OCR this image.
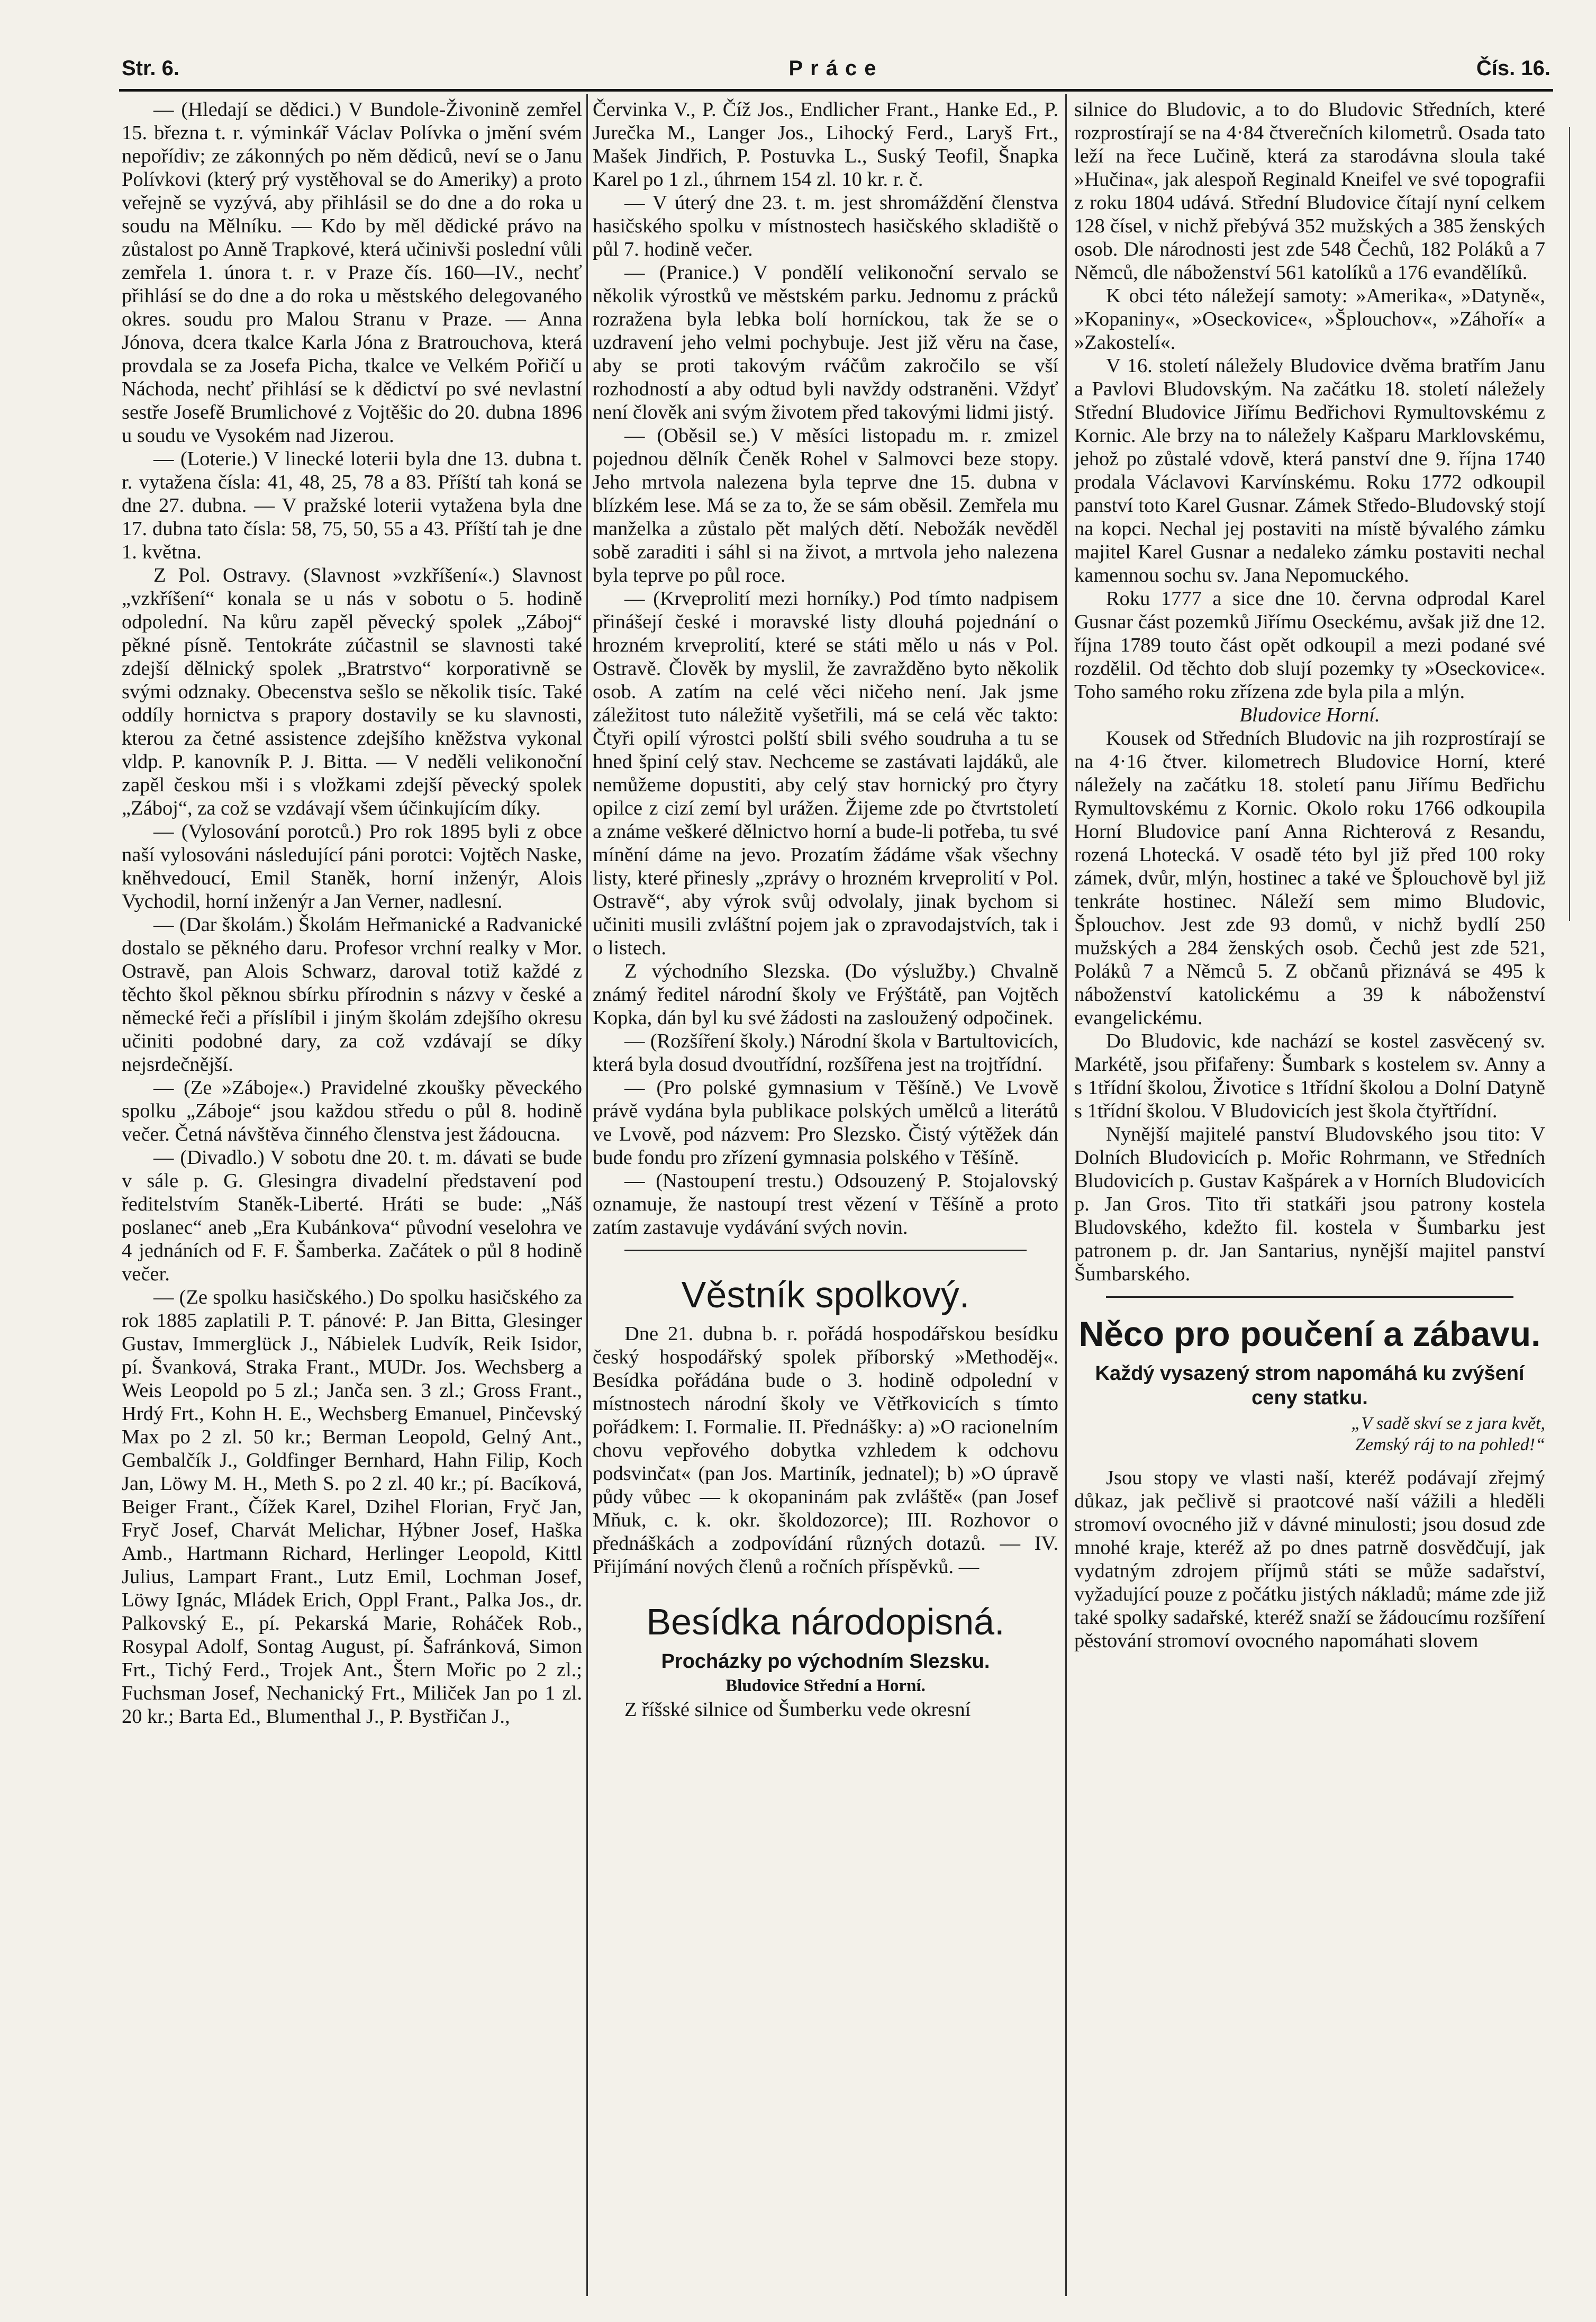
Str. 6.	Práce	Čís. 16.

— (Hledají se dědici.) V Bundole-Živonině zemřel 15. března t. r. výminkář Václav Polívka o jmění svém nepořídiv; ze zákonných po něm dědiců, neví se o Janu Polívkovi (který prý vystěhoval se do Ameriky) a proto veřejně se vyzývá, aby přihlásil se do dne a do roka u soudu na Mělníku. — Kdo by měl dědické právo na zůstalost po Anně Trapkové, která učinivši poslední vůli zemřela 1. února t. r. v Praze čís. 160—IV., nechť přihlásí se do dne a do roka u městského delegovaného okres. soudu pro Malou Stranu v Praze. — Anna Jónova, dcera tkalce Karla Jóna z Bratrouchova, která provdala se za Josefa Picha, tkalce ve Velkém Pořičí u Náchoda, nechť přihlásí se k dědictví po své nevlastní sestře Josefě Brumlichové z Vojtěšic do 20. dubna 1896 u soudu ve Vysokém nad Jizerou.

— (Loterie.) V linecké loterii byla dne 13. dubna t. r. vytažena čísla: 41, 48, 25, 78 a 83. Příští tah koná se dne 27. dubna. — V pražské loterii vytažena byla dne 17. dubna tato čísla: 58, 75, 50, 55 a 43. Příští tah je dne 1. května.

Z Pol. Ostravy. (Slavnost »vzkříšení«.) Slavnost „vzkříšení“ konala se u nás v sobotu o 5. hodině odpolední. Na kůru zapěl pěvecký spolek „Záboj“ pěkné písně. Tentokráte zúčastnil se slavnosti také zdejší dělnický spolek „Bratrstvo“ korporativně se svými odznaky. Obecenstva sešlo se několik tisíc. Také oddíly hornictva s prapory dostavily se ku slavnosti, kterou za četné assistence zdejšího kněžstva vykonal vldp. P. kanovník P. J. Bitta. — V neděli velikonoční zapěl českou mši i s vložkami zdejší pěvecký spolek „Záboj“, za což se vzdávají všem účinkujícím díky.

— (Vylosování porotců.) Pro rok 1895 byli z obce naší vylosováni následující páni porotci: Vojtěch Naske, kněhvedoucí, Emil Staněk, horní inženýr, Alois Vychodil, horní inženýr a Jan Verner, nadlesní.

— (Dar školám.) Školám Heřmanické a Radvanické dostalo se pěkného daru. Profesor vrchní realky v Mor. Ostravě, pan Alois Schwarz, daroval totiž každé z těchto škol pěknou sbírku přírodnin s názvy v české a německé řeči a příslíbil i jiným školám zdejšího okresu učiniti podobné dary, za což vzdávají se díky nejsrdečnější.

— (Ze »Záboje«.) Pravidelné zkoušky pěveckého spolku „Záboje“ jsou každou středu o půl 8. hodině večer. Četná návštěva činného členstva jest žádoucna.

— (Divadlo.) V sobotu dne 20. t. m. dávati se bude v sále p. G. Glesingra divadelní představení pod ředitelstvím Staněk-Liberté. Hráti se bude: „Náš poslanec“ aneb „Era Kubánkova“ původní veselohra ve 4 jednáních od F. F. Šamberka. Začátek o půl 8 hodině večer.

— (Ze spolku hasičského.) Do spolku hasičského za rok 1885 zaplatili P. T. pánové: P. Jan Bitta, Glesinger Gustav, Immerglück J., Nábielek Ludvík, Reik Isidor, pí. Švanková, Straka Frant., MUDr. Jos. Wechsberg a Weis Leopold po 5 zl.; Janča sen. 3 zl.; Gross Frant., Hrdý Frt., Kohn H. E., Wechsberg Emanuel, Pinčevský Max po 2 zl. 50 kr.; Berman Leopold, Gelný Ant., Gembalčík J., Goldfinger Bernhard, Hahn Filip, Koch Jan, Löwy M. H., Meth S. po 2 zl. 40 kr.; pí. Bacíková, Beiger Frant., Čížek Karel, Dzihel Florian, Fryč Jan, Fryč Josef, Charvát Melichar, Hýbner Josef, Haška Amb., Hartmann Richard, Herlinger Leopold, Kittl Julius, Lampart Frant., Lutz Emil, Lochman Josef, Löwy Ignác, Mládek Erich, Oppl Frant., Palka Jos., dr. Palkovský E., pí. Pekarská Marie, Roháček Rob., Rosypal Adolf, Sontag August, pí. Šafránková, Simon Frt., Tichý Ferd., Trojek Ant., Štern Mořic po 2 zl.; Fuchsman Josef, Nechanický Frt., Miliček Jan po 1 zl. 20 kr.; Barta Ed., Blumenthal J., P. Bystřičan J.,

Červinka V., P. Číž Jos., Endlicher Frant., Hanke Ed., P. Jurečka M., Langer Jos., Lihocký Ferd., Laryš Frt., Mašek Jindřich, P. Postuvka L., Suský Teofil, Šnapka Karel po 1 zl., úhrnem 154 zl. 10 kr. r. č.

— V úterý dne 23. t. m. jest shromáždění členstva hasičského spolku v místnostech hasičského skladiště o půl 7. hodině večer.

— (Pranice.) V pondělí velikonoční servalo se několik výrostků ve městském parku. Jednomu z prácků rozražena byla lebka bolí horníckou, tak že se o uzdravení jeho velmi pochybuje. Jest již věru na čase, aby se proti takovým rváčům zakročilo se vší rozhodností a aby odtud byli navždy odstraněni. Vždyť není člověk ani svým životem před takovými lidmi jistý.

— (Oběsil se.) V měsíci listopadu m. r. zmizel pojednou dělník Čeněk Rohel v Salmovci beze stopy. Jeho mrtvola nalezena byla teprve dne 15. dubna v blízkém lese. Má se za to, že se sám oběsil. Zemřela mu manželka a zůstalo pět malých dětí. Nebožák nevěděl sobě zaraditi i sáhl si na život, a mrtvola jeho nalezena byla teprve po půl roce.

— (Krveprolití mezi horníky.) Pod tímto nadpisem přinášejí české i moravské listy dlouhá pojednání o hrozném krveprolití, které se státi mělo u nás v Pol. Ostravě. Člověk by myslil, že zavražděno byto několik osob. A zatím na celé věci ničeho není. Jak jsme záležitost tuto náležitě vyšetřili, má se celá věc takto: Čtyři opilí výrostci polští sbili svého soudruha a tu se hned špiní celý stav. Nechceme se zastávati lajdáků, ale nemůžeme dopustiti, aby celý stav hornický pro čtyry opilce z cizí zemí byl urážen. Žijeme zde po čtvrtstoletí a známe veškeré dělnictvo horní a bude-li potřeba, tu své mínění dáme na jevo. Prozatím žádáme však všechny listy, které přinesly „zprávy o hrozném krveprolití v Pol. Ostravě“, aby výrok svůj odvolaly, jinak bychom si učiniti musili zvláštní pojem jak o zpravodajstvích, tak i o listech.

Z východního Slezska. (Do výslužby.) Chvalně známý ředitel národní školy ve Frýštátě, pan Vojtěch Kopka, dán byl ku své žádosti na zasloužený odpočinek.

— (Rozšíření školy.) Národní škola v Bartultovicích, která byla dosud dvoutřídní, rozšířena jest na trojtřídní.

— (Pro polské gymnasium v Těšíně.) Ve Lvově právě vydána byla publikace polských umělců a literátů ve Lvově, pod názvem: Pro Slezsko. Čistý výtěžek dán bude fondu pro zřízení gymnasia polského v Těšíně.

— (Nastoupení trestu.) Odsouzený P. Stojalovský oznamuje, že nastoupí trest vězení v Těšíně a proto zatím zastavuje vydávání svých novin.

Věstník spolkový.

Dne 21. dubna b. r. pořádá hospodářskou besídku český hospodářský spolek příborský »Methoděj«. Besídka pořádána bude o 3. hodině odpolední v místnostech národní školy ve Větřkovicích s tímto pořádkem: I. Formalie. II. Přednášky: a) »O racionelním chovu vepřového dobytka vzhledem k odchovu podsvinčat« (pan Jos. Martiník, jednatel); b) »O úpravě půdy vůbec — k okopaninám pak zvláště« (pan Josef Mňuk, c. k. okr. školdozorce); III. Rozhovor o přednáškách a zodpovídání různých dotazů. — IV. Přijímání nových členů a ročních příspěvků. —

Besídka národopisná.
Procházky po východním Slezsku.
Bludovice Střední a Horní.

Z říšské silnice od Šumberku vede okresní

silnice do Bludovic, a to do Bludovic Středních, které rozprostírají se na 4·84 čtverečních kilometrů. Osada tato leží na řece Lučině, která za starodávna sloula také »Hučina«, jak alespoň Reginald Kneifel ve své topografii z roku 1804 udává. Střední Bludovice čítají nyní celkem 128 čísel, v nichž přebývá 352 mužských a 385 ženských osob. Dle národnosti jest zde 548 Čechů, 182 Poláků a 7 Němců, dle náboženství 561 katolíků a 176 evandělíků.

K obci této náležejí samoty: »Amerika«, »Datyně«, »Kopaniny«, »Oseckovice«, »Šplouchov«, »Záhoří« a »Zakostelí«.

V 16. století náležely Bludovice dvěma bratřím Janu a Pavlovi Bludovským. Na začátku 18. století náležely Střední Bludovice Jiřímu Bedřichovi Rymultovskému z Kornic. Ale brzy na to náležely Kašparu Marklovskému, jehož po zůstalé vdově, která panství dne 9. října 1740 prodala Václavovi Karvínskému. Roku 1772 odkoupil panství toto Karel Gusnar. Zámek Středo-Bludovský stojí na kopci. Nechal jej postaviti na místě bývalého zámku majitel Karel Gusnar a nedaleko zámku postaviti nechal kamennou sochu sv. Jana Nepomuckého.

Roku 1777 a sice dne 10. června odprodal Karel Gusnar část pozemků Jiřímu Oseckému, avšak již dne 12. října 1789 touto část opět odkoupil a mezi podané své rozdělil. Od těchto dob slují pozemky ty »Oseckovice«. Toho samého roku zřízena zde byla pila a mlýn.

Bludovice Horní.

Kousek od Středních Bludovic na jih rozprostírají se na 4·16 čtver. kilometrech Bludovice Horní, které náležely na začátku 18. století panu Jiřímu Bedřichu Rymultovskému z Kornic. Okolo roku 1766 odkoupila Horní Bludovice paní Anna Richterová z Resandu, rozená Lhotecká. V osadě této byl již před 100 roky zámek, dvůr, mlýn, hostinec a také ve Šplouchově byl již tenkráte hostinec. Náleží sem mimo Bludovic, Šplouchov. Jest zde 93 domů, v nichž bydlí 250 mužských a 284 ženských osob. Čechů jest zde 521, Poláků 7 a Němců 5. Z občanů přiznává se 495 k náboženství katolickému a 39 k náboženství evangelickému.

Do Bludovic, kde nachází se kostel zasvěcený sv. Markétě, jsou přifařeny: Šumbark s kostelem sv. Anny a s 1třídní školou, Životice s 1třídní školou a Dolní Datyně s 1třídní školou. V Bludovicích jest škola čtyřtřídní.

Nynější majitelé panství Bludovského jsou tito: V Dolních Bludovicích p. Mořic Rohrmann, ve Středních Bludovicích p. Gustav Kašpárek a v Horních Bludovicích p. Jan Gros. Tito tři statkáři jsou patrony kostela Bludovského, kdežto fil. kostela v Šumbarku jest patronem p. dr. Jan Santarius, nynější majitel panství Šumbarského.

Něco pro poučení a zábavu.
Každý vysazený strom napomáhá ku zvýšení ceny statku.
„V sadě skví se z jara květ,
Zemský ráj to na pohled!“

Jsou stopy ve vlasti naší, kteréž podávají zřejmý důkaz, jak pečlivě si praotcové naší vážili a hleděli stromoví ovocného již v dávné minulosti; jsou dosud zde mnohé kraje, kteréž až po dnes patrně dosvědčují, jak vydatným zdrojem příjmů státi se může sadařství, vyžadující pouze z počátku jistých nákladů; máme zde již také spolky sadařské, kteréž snaží se žádoucímu rozšíření pěstování stromoví ovocného napomáhati slovem
